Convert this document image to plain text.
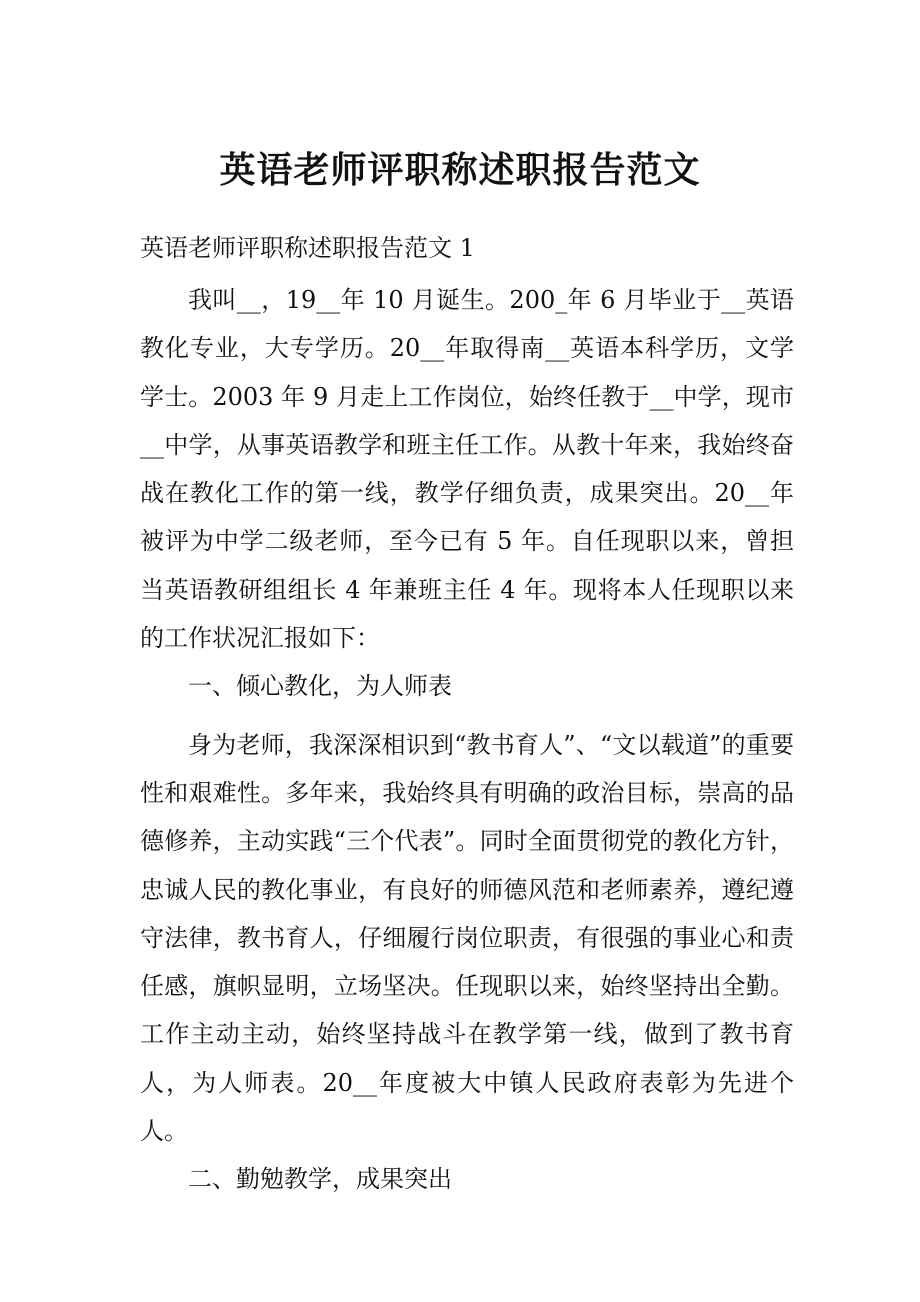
英语老师评职称述职报告范文

英语老师评职称述职报告范文 1

我叫__，19__年 10 月诞生。200_年 6 月毕业于__英语教化专业，大专学历。20__年取得南__英语本科学历，文学学士。2003 年 9 月走上工作岗位，始终任教于__中学，现市__中学，从事英语教学和班主任工作。从教十年来，我始终奋战在教化工作的第一线，教学仔细负责，成果突出。20__年被评为中学二级老师，至今已有 5 年。自任现职以来，曾担当英语教研组组长 4 年兼班主任 4 年。现将本人任现职以来的工作状况汇报如下：

一、倾心教化，为人师表

身为老师，我深深相识到“教书育人”、“文以载道”的重要性和艰难性。多年来，我始终具有明确的政治目标，崇高的品德修养，主动实践“三个代表”。同时全面贯彻党的教化方针，忠诚人民的教化事业，有良好的师德风范和老师素养，遵纪遵守法律，教书育人，仔细履行岗位职责，有很强的事业心和责任感，旗帜显明，立场坚决。任现职以来，始终坚持出全勤。工作主动主动，始终坚持战斗在教学第一线，做到了教书育人，为人师表。20__年度被大中镇人民政府表彰为先进个人。

二、勤勉教学，成果突出
